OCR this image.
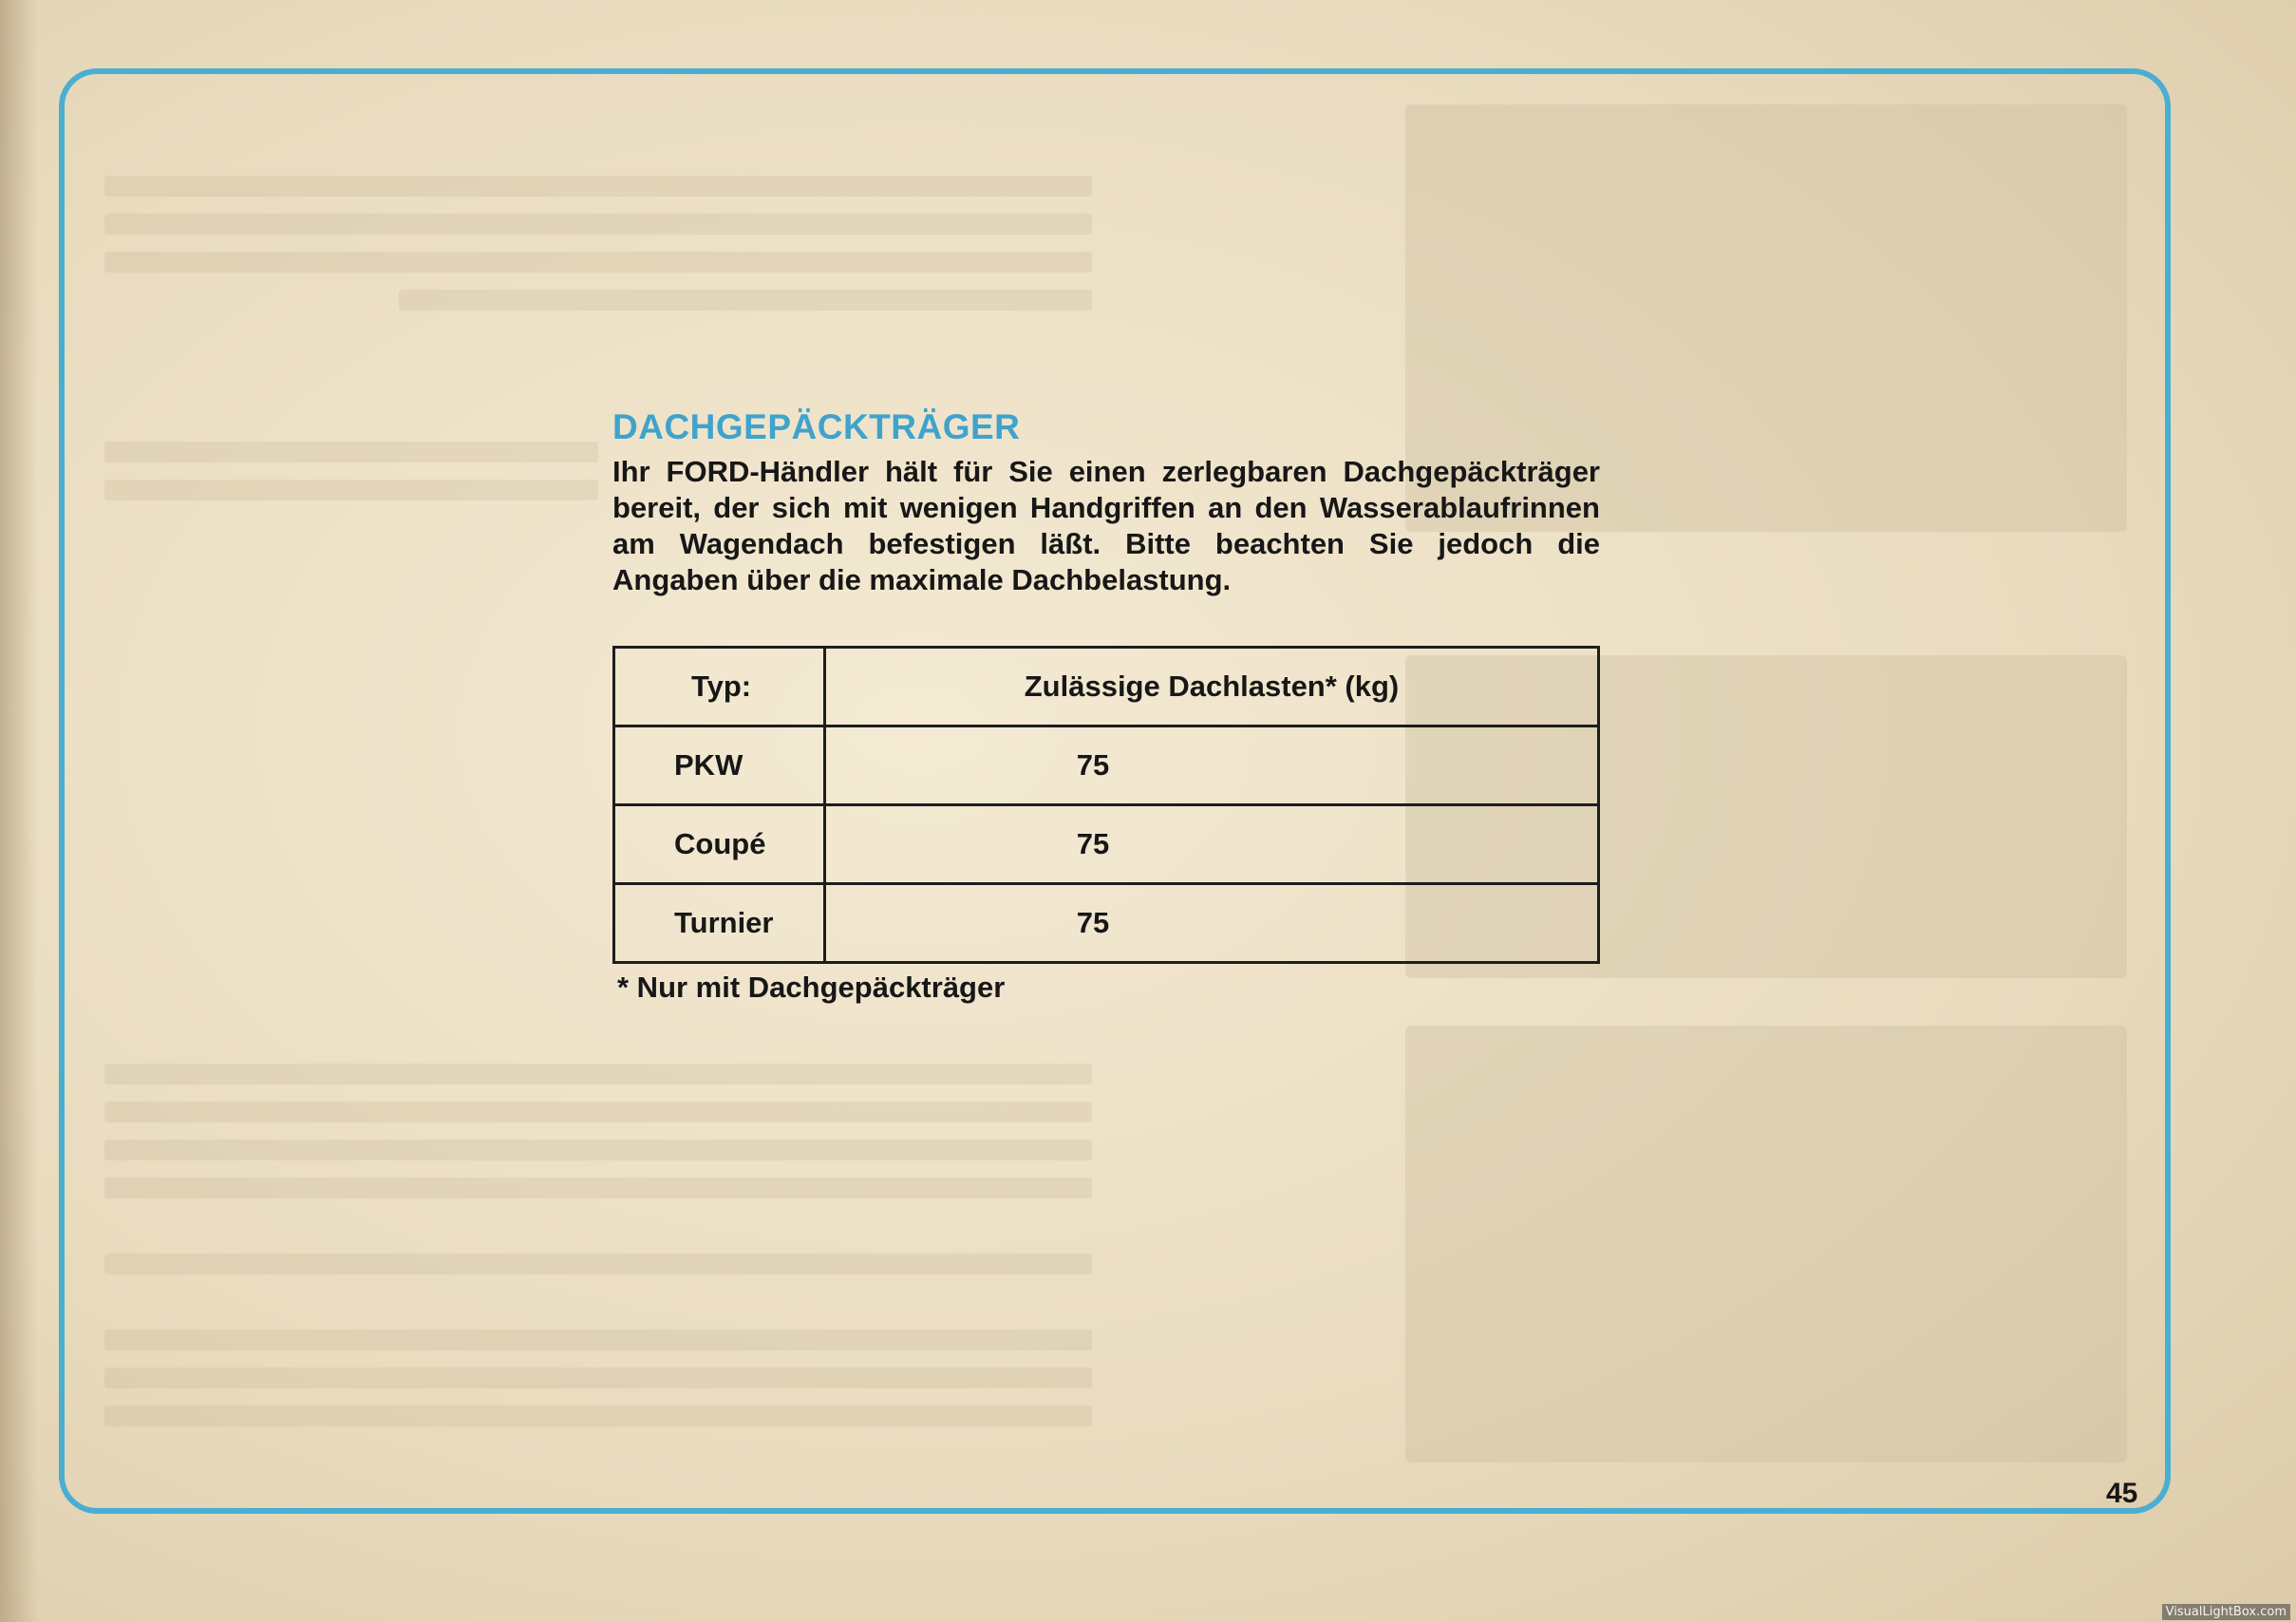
DACHGEPÄCKTRÄGER

Ihr FORD-Händler hält für Sie einen zerlegbaren Dachgepäckträger bereit, der sich mit wenigen Handgriffen an den Wasserablaufrinnen am Wagendach befestigen läßt. Bitte beachten Sie jedoch die Angaben über die maximale Dachbelastung.

Typ:	Zulässige Dachlasten* (kg)
PKW	75
Coupé	75
Turnier	75
* Nur mit Dachgepäckträger
45
VisualLightBox.com
